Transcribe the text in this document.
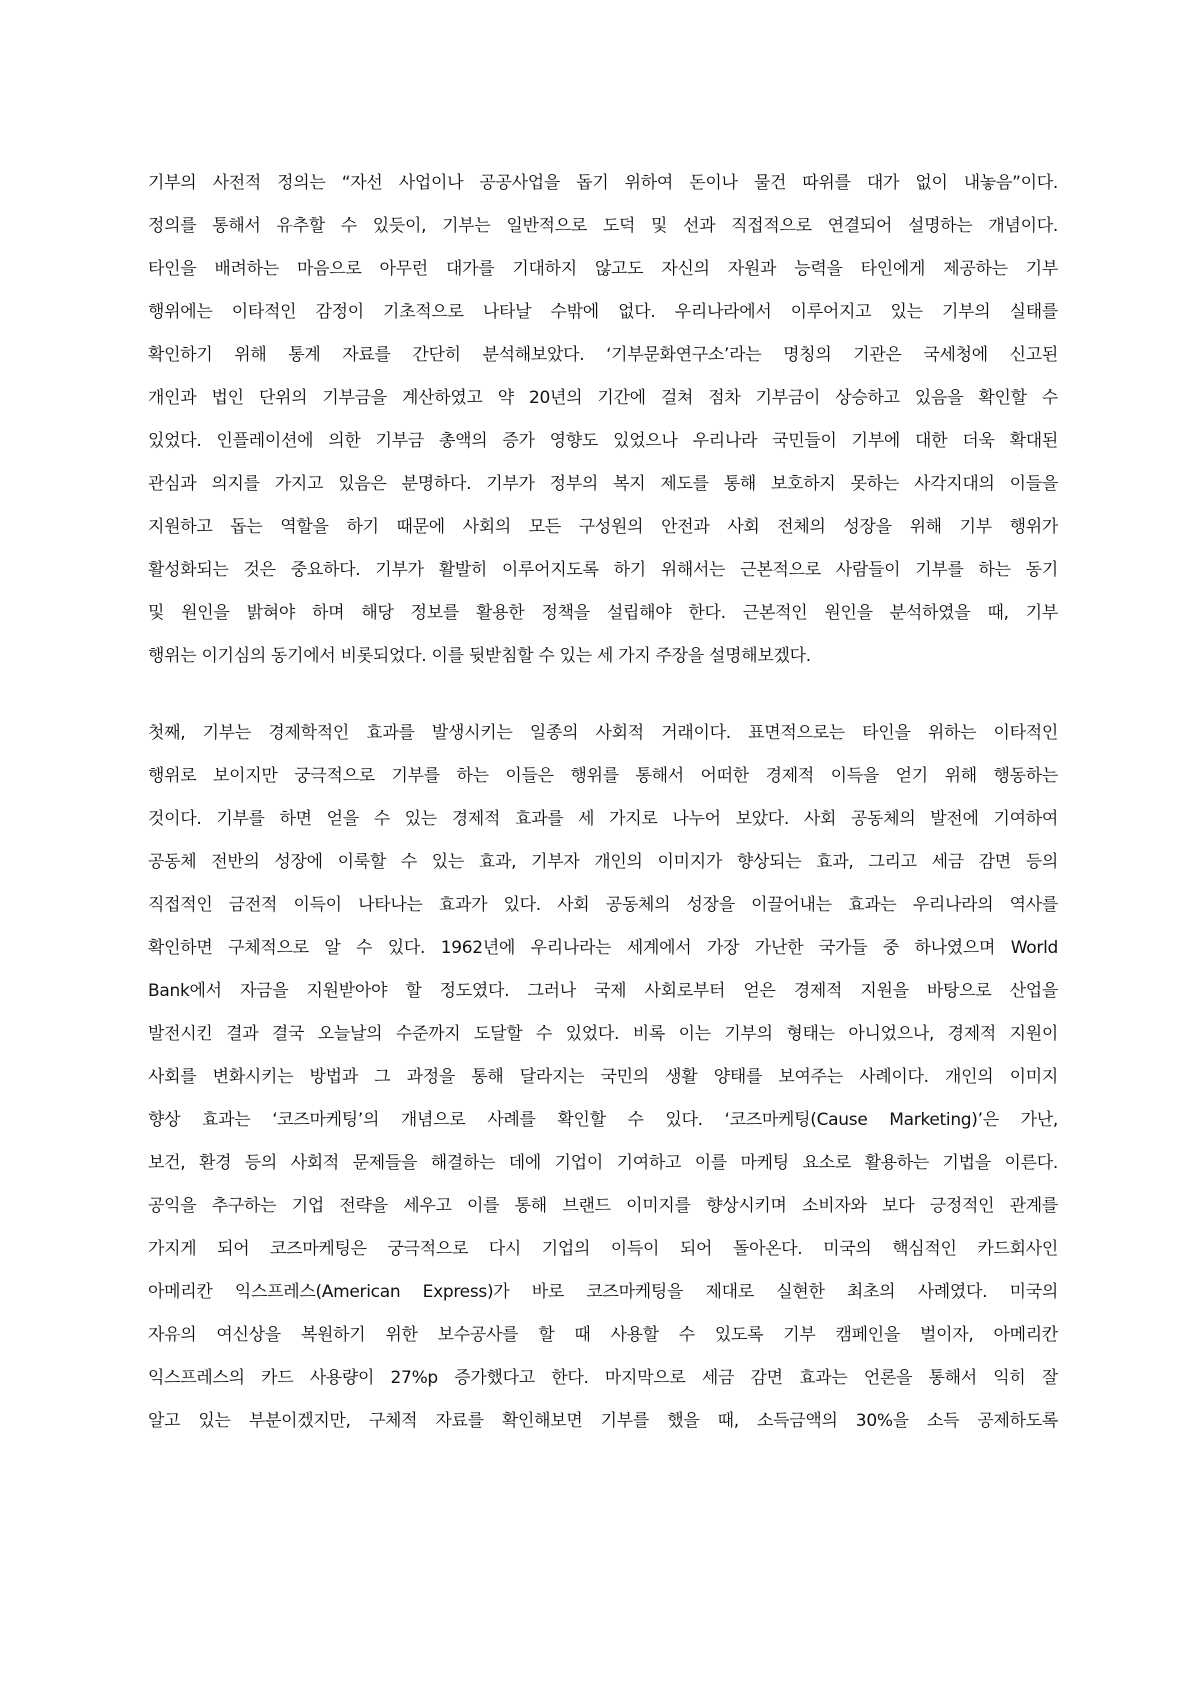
기부의 사전적 정의는 “자선 사업이나 공공사업을 돕기 위하여 돈이나 물건 따위를 대가 없이 내놓음”이다.
정의를 통해서 유추할 수 있듯이, 기부는 일반적으로 도덕 및 선과 직접적으로 연결되어 설명하는 개념이다.
타인을 배려하는 마음으로 아무런 대가를 기대하지 않고도 자신의 자원과 능력을 타인에게 제공하는 기부
행위에는 이타적인 감정이 기초적으로 나타날 수밖에 없다. 우리나라에서 이루어지고 있는 기부의 실태를
확인하기 위해 통계 자료를 간단히 분석해보았다. ‘기부문화연구소’라는 명칭의 기관은 국세청에 신고된
개인과 법인 단위의 기부금을 계산하였고 약 20년의 기간에 걸쳐 점차 기부금이 상승하고 있음을 확인할 수
있었다. 인플레이션에 의한 기부금 총액의 증가 영향도 있었으나 우리나라 국민들이 기부에 대한 더욱 확대된
관심과 의지를 가지고 있음은 분명하다. 기부가 정부의 복지 제도를 통해 보호하지 못하는 사각지대의 이들을
지원하고 돕는 역할을 하기 때문에 사회의 모든 구성원의 안전과 사회 전체의 성장을 위해 기부 행위가
활성화되는 것은 중요하다. 기부가 활발히 이루어지도록 하기 위해서는 근본적으로 사람들이 기부를 하는 동기
및 원인을 밝혀야 하며 해당 정보를 활용한 정책을 설립해야 한다. 근본적인 원인을 분석하였을 때, 기부
행위는 이기심의 동기에서 비롯되었다. 이를 뒷받침할 수 있는 세 가지 주장을 설명해보겠다.
첫째, 기부는 경제학적인 효과를 발생시키는 일종의 사회적 거래이다. 표면적으로는 타인을 위하는 이타적인
행위로 보이지만 궁극적으로 기부를 하는 이들은 행위를 통해서 어떠한 경제적 이득을 얻기 위해 행동하는
것이다. 기부를 하면 얻을 수 있는 경제적 효과를 세 가지로 나누어 보았다. 사회 공동체의 발전에 기여하여
공동체 전반의 성장에 이룩할 수 있는 효과, 기부자 개인의 이미지가 향상되는 효과, 그리고 세금 감면 등의
직접적인 금전적 이득이 나타나는 효과가 있다. 사회 공동체의 성장을 이끌어내는 효과는 우리나라의 역사를
확인하면 구체적으로 알 수 있다. 1962년에 우리나라는 세계에서 가장 가난한 국가들 중 하나였으며 World
Bank에서 자금을 지원받아야 할 정도였다. 그러나 국제 사회로부터 얻은 경제적 지원을 바탕으로 산업을
발전시킨 결과 결국 오늘날의 수준까지 도달할 수 있었다. 비록 이는 기부의 형태는 아니었으나, 경제적 지원이
사회를 변화시키는 방법과 그 과정을 통해 달라지는 국민의 생활 양태를 보여주는 사례이다. 개인의 이미지
향상 효과는 ‘코즈마케팅’의 개념으로 사례를 확인할 수 있다. ‘코즈마케팅(Cause Marketing)’은 가난,
보건, 환경 등의 사회적 문제들을 해결하는 데에 기업이 기여하고 이를 마케팅 요소로 활용하는 기법을 이른다.
공익을 추구하는 기업 전략을 세우고 이를 통해 브랜드 이미지를 향상시키며 소비자와 보다 긍정적인 관계를
가지게 되어 코즈마케팅은 궁극적으로 다시 기업의 이득이 되어 돌아온다. 미국의 핵심적인 카드회사인
아메리칸 익스프레스(American Express)가 바로 코즈마케팅을 제대로 실현한 최초의 사례였다. 미국의
자유의 여신상을 복원하기 위한 보수공사를 할 때 사용할 수 있도록 기부 캠페인을 벌이자, 아메리칸
익스프레스의 카드 사용량이 27%p 증가했다고 한다. 마지막으로 세금 감면 효과는 언론을 통해서 익히 잘
알고 있는 부분이겠지만, 구체적 자료를 확인해보면 기부를 했을 때, 소득금액의 30%을 소득 공제하도록
